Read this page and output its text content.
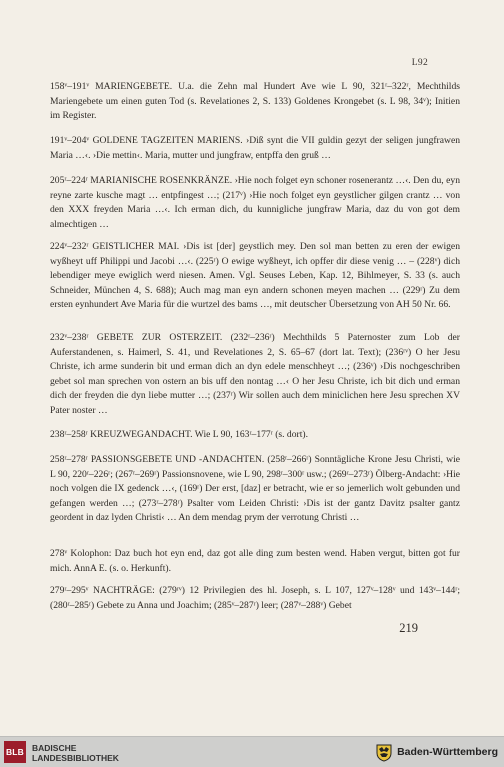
L92
158ᵛ–191ᵛ MARIENGEBETE. U.a. die Zehn mal Hundert Ave wie L 90, 321ʳ–322ʳ, Mechthilds Mariengebete um einen guten Tod (s. Revelationes 2, S. 133) Goldenes Krongebet (s. L 98, 34ᵛ); Initien im Register.
191ᵛ–204ᵛ GOLDENE TAGZEITEN MARIENS. ›Diß synt die VII guldin gezyt der seligen jungfrawen Maria …‹. ›Die mettin‹. Maria, mutter und jungfraw, entpffa den gruß …
205ʳ–224ʳ MARIANISCHE ROSENKRÄNZE. ›Hie noch folget eyn schoner rosenerantz …‹. Den du, eyn reyne zarte kusche magt … entpfingest …; (217ᵛ) ›Hie noch folget eyn geystlicher gilgen crantz … von den XXX freyden Maria …‹. Ich erman dich, du kunnigliche jungfraw Maria, daz du von got dem almechtigen …
224ᵛ–232ʳ GEISTLICHER MAI. ›Dis ist [der] geystlich mey. Den sol man betten zu eren der ewigen wyßheyt uff Philippi und Jacobi …‹. (225ʳ) O ewige wyßheyt, ich opffer dir diese venig … – (228ᵛ) dich lebendiger meye ewiglich werd niesen. Amen. Vgl. Seuses Leben, Kap. 12, Bihlmeyer, S. 33 (s. auch Schneider, München 4, S. 688); Auch mag man eyn andern schonen meyen machen … (229ʳ) Zu dem ersten eynhundert Ave Maria für die wurtzel des bams …, mit deutscher Übersetzung von AH 50 Nr. 66.
232ᵛ–238ʳ GEBETE ZUR OSTERZEIT. (232ʳ–236ʳ) Mechthilds 5 Paternoster zum Lob der Auferstandenen, s. Haimerl, S. 41, und Revelationes 2, S. 65–67 (dort lat. Text); (236ʳᵛ) O her Jesu Christe, ich arme sunderin bit und erman dich an dyn edele menschheyt …; (236ᵛ) ›Dis nochgeschriben gebet sol man sprechen von ostern an bis uff den nontag …‹ O her Jesu Christe, ich bit dich und erman dich der freyden die dyn liebe mutter …; (237ʳ) Wir sollen auch dem miniclichen here Jesu sprechen XV Pater noster …
238ʳ–258ʳ KREUZWEGANDACHT. Wie L 90, 163ʳ–177ʳ (s. dort).
258ʳ–278ʳ PASSIONSGEBETE UND -ANDACHTEN. (258ʳ–266ʳ) Sonntägliche Krone Jesu Christi, wie L 90, 220ʳ–226ʳ; (267ʳ–269ʳ) Passionsnovene, wie L 90, 298ʳ–300ʳ usw.; (269ʳ–273ʳ) Ölberg-Andacht: ›Hie noch volgen die IX gedenck …‹, (169ʳ) Der erst, [daz] er betracht, wie er so jemerlich wolt gebunden und gefangen werden …; (273ʳ–278ʳ) Psalter vom Leiden Christi: ›Dis ist der gantz Davitz psalter gantz geordent in daz lyden Christi‹ … An dem mendag prym der verrotung Christi …
278ᵛ Kolophon: Daz buch hot eyn end, daz got alle ding zum besten wend. Haben vergut, bitten got fur mich. AnnA E. (s. o. Herkunft).
279ʳ–295ᵛ NACHTRÄGE: (279ʳᵛ) 12 Privilegien des hl. Joseph, s. L 107, 127ᵛ–128ᵛ und 143ᵛ–144ʳ; (280ʳ–285ʳ) Gebete zu Anna und Joachim; (285ᵛ–287ʳ) leer; (287ᵛ–288ᵛ) Gebet
219
BLB BADISCHE
LANDESBIBLIOTHEK	Baden-Württemberg
